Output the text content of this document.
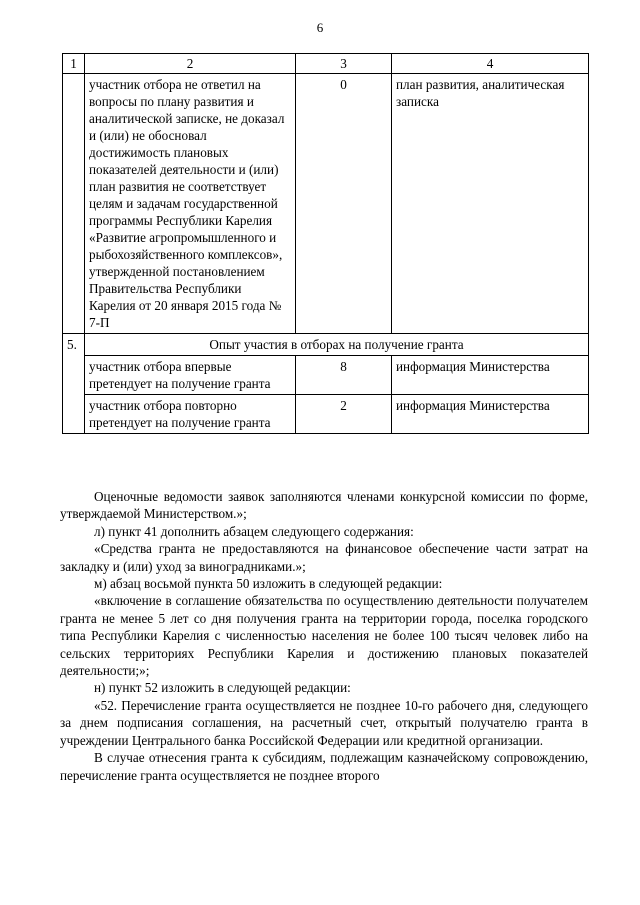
6
1	2	3	4
	участник отбора не ответил на вопросы по плану развития и аналитической записке, не доказал и (или) не обосновал достижимость плановых показателей деятельности и (или) план развития не соответствует целям и задачам государственной программы Республики Карелия «Развитие агропромышленного и рыбохозяйственного комплексов», утвержденной постановлением Правительства Республики Карелия от 20 января 2015 года № 7-П	0	план развития, аналитическая записка
5.	Опыт участия в отборах на получение гранта		
	участник отбора впервые претендует на получение гранта	8	информация Министерства
	участник отбора повторно претендует на получение гранта	2	информация Министерства

Оценочные ведомости заявок заполняются членами конкурсной комиссии по форме, утверждаемой Министерством.»;

л) пункт 41 дополнить абзацем следующего содержания:

«Средства гранта не предоставляются на финансовое обеспечение части затрат на закладку и (или) уход за виноградниками.»;

м) абзац восьмой пункта 50 изложить в следующей редакции:

«включение в соглашение обязательства по осуществлению деятельности получателем гранта не менее 5 лет со дня получения гранта на территории города, поселка городского типа Республики Карелия с численностью населения не более 100 тысяч человек либо на сельских территориях Республики Карелия и достижению плановых показателей деятельности;»;

н) пункт 52 изложить в следующей редакции:

«52. Перечисление гранта осуществляется не позднее 10-го рабочего дня, следующего за днем подписания соглашения, на расчетный счет, открытый получателю гранта в учреждении Центрального банка Российской Федерации или кредитной организации.

В случае отнесения гранта к субсидиям, подлежащим казначейскому сопровождению, перечисление гранта осуществляется не позднее второго
